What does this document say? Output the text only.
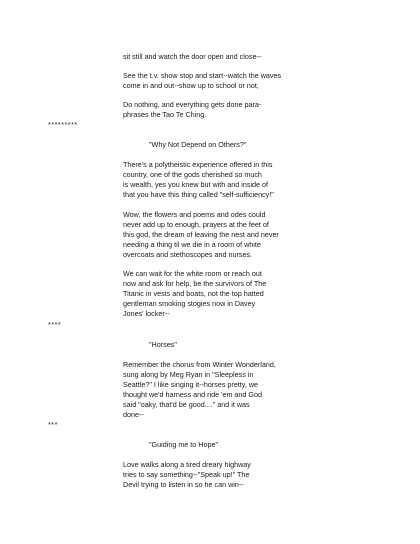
sit still and watch the door open and close--
See the t.v. show stop and start--watch the waves
come in and out--show up to school or not,
Do nothing, and everything gets done para-
phrases the Tao Te Ching.
*********
"Why Not Depend on Others?"
There's a polytheistic experience offered in this
country, one of the gods cherished so much
is wealth, yes you knew but with and inside of
that you have this thing called "self-sufficiency!"
Wow, the flowers and poems and odes could
never add up to enough, prayers at the feet of
this god, the dream of leaving the nest and never
needing a thing til we die in a room of white
overcoats and stethoscopes and nurses.
We can wait for the white room or reach out
now and ask for help, be the survivors of The
Titanic in vests and boats, not the top hatted
gentleman smoking stogies now in Davey
Jones' locker--
****
"Horses"
Remember the chorus from Winter Wonderland,
sung along by Meg Ryan in "Sleepless in
Seattle?" I like singing it--horses pretty, we
thought we'd harness and ride 'em and God
said "oaky, that'd be good...." and it was
done--
***
"Guiding me to Hope"
Love walks along a tired dreary highway
tries to say something--"Speak up!" The
Devil trying to listen in so he can win--
